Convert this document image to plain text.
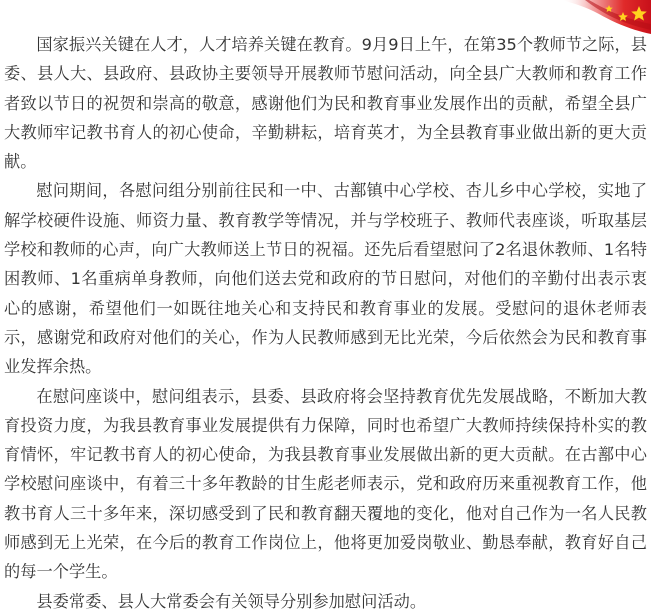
国家振兴关键在人才，人才培养关键在教育。9月9日上午，在第35个教师节之际，县委、县人大、县政府、县政协主要领导开展教师节慰问活动，向全县广大教师和教育工作者致以节日的祝贺和崇高的敬意，感谢他们为民和教育事业发展作出的贡献，希望全县广大教师牢记教书育人的初心使命，辛勤耕耘，培育英才，为全县教育事业做出新的更大贡献。

慰问期间，各慰问组分别前往民和一中、古鄯镇中心学校、杏儿乡中心学校，实地了解学校硬件设施、师资力量、教育教学等情况，并与学校班子、教师代表座谈，听取基层学校和教师的心声，向广大教师送上节日的祝福。还先后看望慰问了2名退休教师、1名特困教师、1名重病单身教师，向他们送去党和政府的节日慰问，对他们的辛勤付出表示衷心的感谢，希望他们一如既往地关心和支持民和教育事业的发展。受慰问的退休老师表示，感谢党和政府对他们的关心，作为人民教师感到无比光荣，今后依然会为民和教育事业发挥余热。

在慰问座谈中，慰问组表示，县委、县政府将会坚持教育优先发展战略，不断加大教育投资力度，为我县教育事业发展提供有力保障，同时也希望广大教师持续保持朴实的教育情怀，牢记教书育人的初心使命，为我县教育事业发展做出新的更大贡献。在古鄯中心学校慰问座谈中，有着三十多年教龄的甘生彪老师表示，党和政府历来重视教育工作，他教书育人三十多年来，深切感受到了民和教育翻天覆地的变化，他对自己作为一名人民教师感到无上光荣，在今后的教育工作岗位上，他将更加爱岗敬业、勤恳奉献，教育好自己的每一个学生。

县委常委、县人大常委会有关领导分别参加慰问活动。
